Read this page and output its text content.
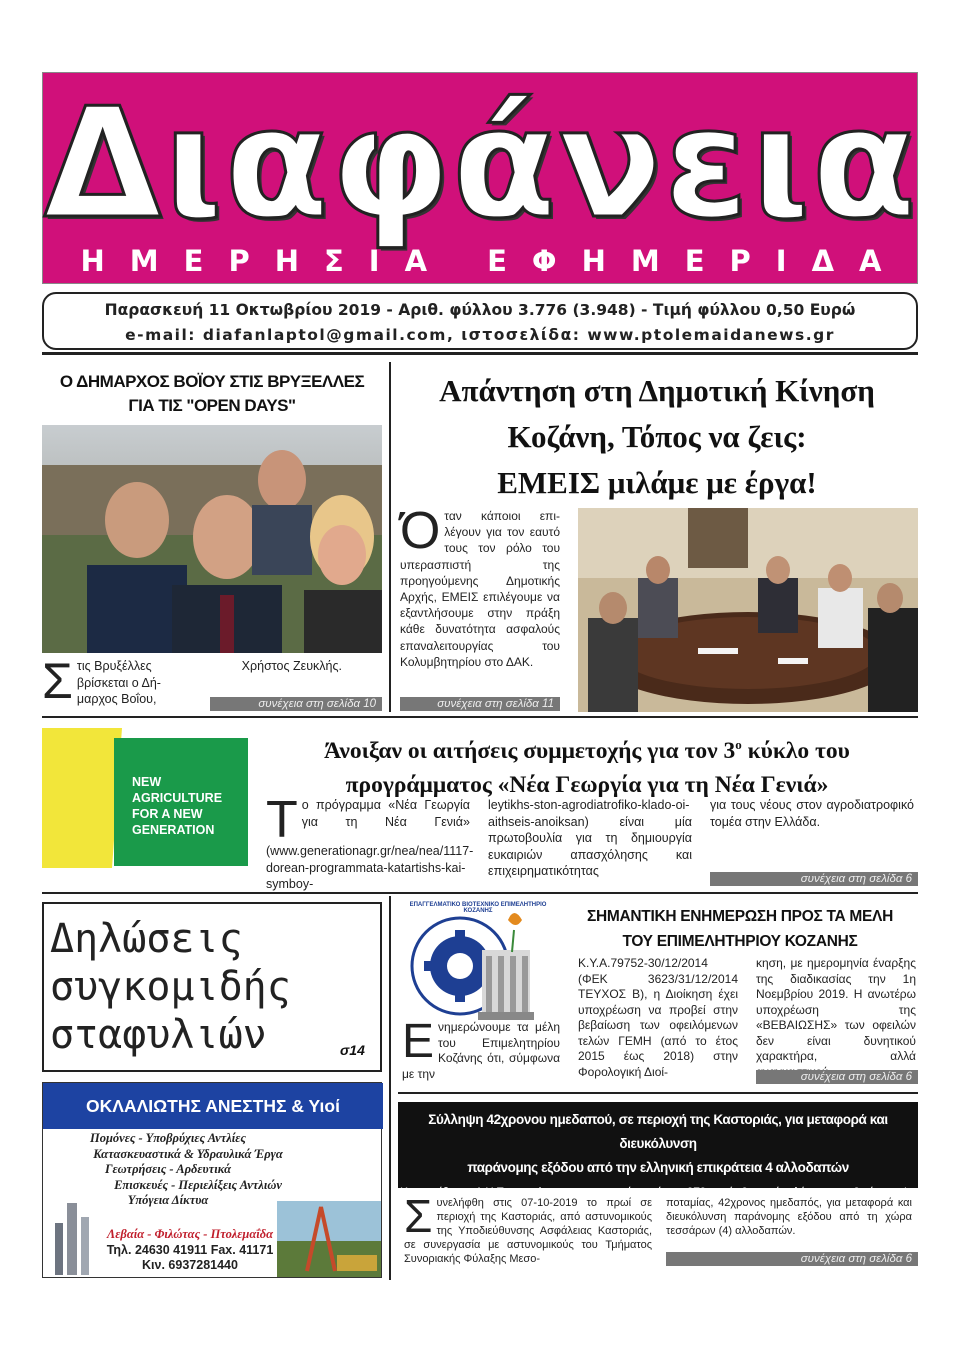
Διαφάνεια
ΗΜΕΡΗΣΙΑ ΕΦΗΜΕΡΙΔΑ
Παρασκευή 11 Οκτωβρίου 2019 - Αριθ. φύλλου 3.776 (3.948) - Τιμή φύλλου 0,50 Ευρώ
e-mail: diafanlaptol@gmail.com, ιστοσελίδα: www.ptolemaidanews.gr
Ο ΔΗΜΑΡΧΟΣ ΒΟΪΟΥ ΣΤΙΣ ΒΡΥΞΕΛΛΕΣ
ΓΙΑ ΤΙΣ "OPEN DAYS"
Σ τις Βρυξέλλες	Χρήστος Ζευκλής.
βρίσκεται ο Δή-
μαρχος Βοΐου,	συνέχεια στη σελίδα 10
Απάντηση στη Δημοτική Κίνηση
Κοζάνη, Τόπος να ζεις:
ΕΜΕΙΣ μιλάμε με έργα!
Ό ταν κάποιοι επι-λέγουν για τον εαυτό τους τον ρόλο του υπερασπιστή της προηγούμενης Δημοτικής Αρχής, ΕΜΕΙΣ επιλέγουμε να εξαντλήσουμε στην πράξη κάθε δυνατότητα ασφαλούς επαναλειτουργίας του Κολυμβητηρίου στο ΔΑΚ.
συνέχεια στη σελίδα 11
NEW
AGRICULTURE
FOR A NEW
GENERATION
Άνοιξαν οι αιτήσεις συμμετοχής για τον $3^o$ κύκλο του
προγράμματος «Νέα Γεωργία για τη Νέα Γενιά»
Τ ο πρόγραμμα «Νέα Γεωργία για τη Νέα Γενιά» (www.generationagr.gr/nea/nea/1117-dorean-programmata-katartishs-kai-symboy-
leytikhs-ston-agrodiatrofiko-klado-oi-aithseis-anoiksan) είναι μία πρωτοβουλία για τη δημιουργία ευκαιριών απασχόλησης και επιχειρηματικότητας
για τους νέους στον αγροδιατροφικό τομέα στην Ελλάδα.
συνέχεια στη σελίδα 6
Δηλώσεις
συγκομιδής
σταφυλιών	σ14
ΕΠΑΓΓΕΛΜΑΤΙΚΟ ΒΙΟΤΕΧΝΙΚΟ ΕΠΙΜΕΛΗΤΗΡΙΟ ΚΟΖΑΝΗΣ	ΣΗΜΑΝΤΙΚΗ ΕΝΗΜΕΡΩΣΗ ΠΡΟΣ ΤΑ ΜΕΛΗ
ΤΟΥ ΕΠΙΜΕΛΗΤΗΡΙΟΥ ΚΟΖΑΝΗΣ
Ε νημερώνουμε τα μέλη του Επιμελητηρίου Κοζάνης ότι, σύμφωνα με την
Κ.Υ.Α.79752-30/12/2014 (ΦΕΚ 3623/31/12/2014 ΤΕΥΧΟΣ Β), η Διοίκηση έχει υποχρέωση να προβεί στην βεβαίωση των οφειλόμενων τελών ΓΕΜΗ (από το έτος 2015 έως 2018) στην Φορολογική Διοί-
κηση, με ημερομηνία έναρξης της διαδικασίας την 1η Νοεμβρίου 2019. Η ανωτέρω υποχρέωση της «ΒΕΒΑΙΩΣΗΣ» των οφειλών δεν είναι δυνητικού χαρακτήρα, αλλά
συνέχεια στη σελίδα 6
ΟΚΛΑΛΙΩΤΗΣ ΑΝΕΣΤΗΣ & Υιοί
Πομόνες - Υποβρύχιες Αντλίες
Κατασκευαστικά & Υδραυλικά Έργα
Γεωτρήσεις - Αρδευτικά
Επισκευές - Περιελίξεις Αντλιών
Υπόγεια Δίκτυα
Λεβαία - Φιλώτας - Πτολεμαΐδα
Τηλ. 24630 41911 Fax. 41171
Κιν. 6937281440
Σύλληψη 42χρονου ημεδαπού, σε περιοχή της Καστοριάς, για μεταφορά και διευκόλυνση
παράνομης εξόδου από την ελληνική επικράτεια 4 αλλοδαπών
Κατασχέθηκαν Δ.Χ.Ε. αυτοκίνητο, το χρηματικό ποσό των 970 ευρώ, 6 κινητά τηλέφωνα και 9 κάρτες sim
Σ υνελήφθη στις 07-10-2019 το πρωί σε περιοχή της Καστοριάς, από αστυνομικούς της Υποδιεύθυνσης Ασφάλειας Καστοριάς, σε συνεργασία με αστυνομικούς του Τμήματος Συνοριακής Φύλαξης Μεσο-
ποταμίας, 42χρονος ημεδαπός, για μεταφορά και διευκόλυνση παράνομης εξόδου από τη χώρα τεσσάρων (4) αλλοδαπών.
συνέχεια στη σελίδα 6
